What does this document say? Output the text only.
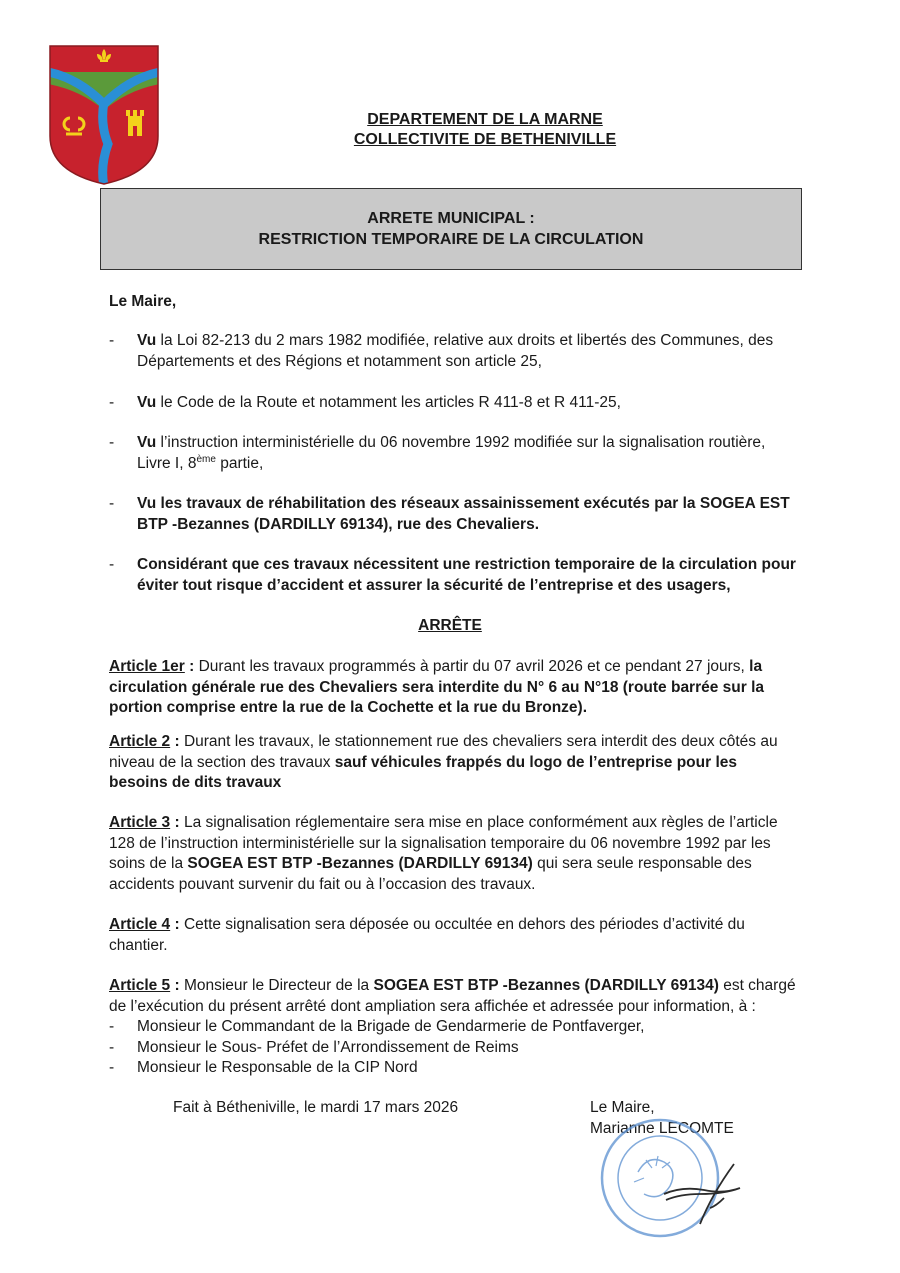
DEPARTEMENT DE LA MARNE
COLLECTIVITE DE BETHENIVILLE
ARRETE MUNICIPAL :
RESTRICTION TEMPORAIRE DE LA CIRCULATION
Le Maire,
- Vu la Loi 82-213 du 2 mars 1982 modifiée, relative aux droits et libertés des Communes, des Départements et des Régions et notamment son article 25,
- Vu le Code de la Route et notamment les articles R 411-8 et R 411-25,
- Vu l’instruction interministérielle du 06 novembre 1992 modifiée sur la signalisation routière, Livre I, 8ème partie,
- Vu les travaux de réhabilitation des réseaux assainissement exécutés par la SOGEA EST BTP -Bezannes (DARDILLY 69134), rue des Chevaliers.
- Considérant que ces travaux nécessitent une restriction temporaire de la circulation pour éviter tout risque d’accident et assurer la sécurité de l’entreprise et des usagers,
ARRÊTE
Article 1er : Durant les travaux programmés à partir du 07 avril 2026 et ce pendant 27 jours, la circulation générale rue des Chevaliers sera interdite du N° 6 au N°18 (route barrée sur la portion comprise entre la rue de la Cochette et la rue du Bronze).
Article 2 : Durant les travaux, le stationnement rue des chevaliers sera interdit des deux côtés au niveau de la section des travaux sauf véhicules frappés du logo de l’entreprise pour les besoins de dits travaux
Article 3 : La signalisation réglementaire sera mise en place conformément aux règles de l’article 128 de l’instruction interministérielle sur la signalisation temporaire du 06 novembre 1992 par les soins de la SOGEA EST BTP -Bezannes (DARDILLY 69134) qui sera seule responsable des accidents pouvant survenir du fait ou à l’occasion des travaux.
Article 4 : Cette signalisation sera déposée ou occultée en dehors des périodes d’activité du chantier.
Article 5 : Monsieur le Directeur de la SOGEA EST BTP -Bezannes (DARDILLY 69134) est chargé de l’exécution du présent arrêté dont ampliation sera affichée et adressée pour information, à :
- Monsieur le Commandant de la Brigade de Gendarmerie de Pontfaverger,
- Monsieur le Sous- Préfet de l’Arrondissement de Reims
- Monsieur le Responsable de la CIP Nord
Fait à Bétheniville, le mardi 17 mars 2026	Le Maire,
Marianne LECOMTE
